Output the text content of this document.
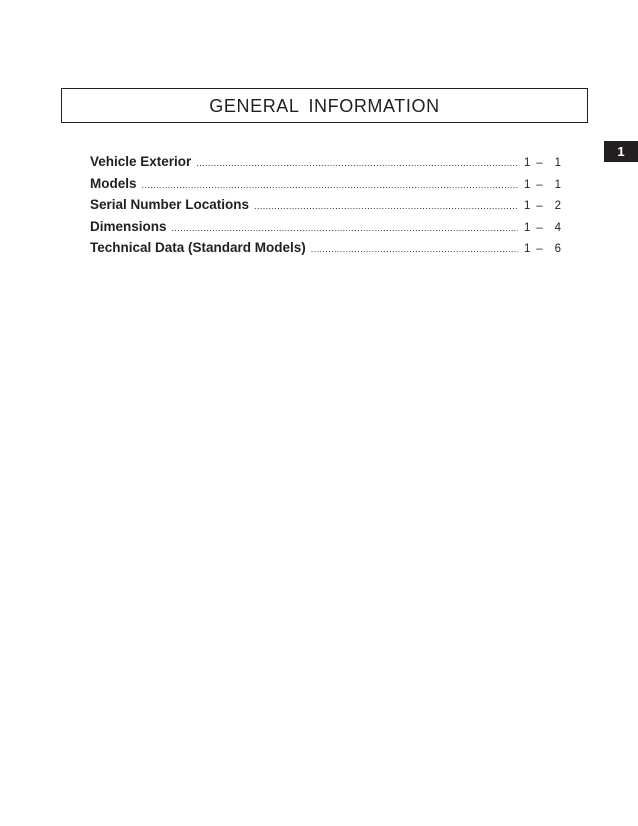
GENERAL INFORMATION
1
Vehicle Exterior .....	1 –	1
Models .....	1 –	1
Serial Number Locations .....	1 –	2
Dimensions .....	1 –	4
Technical Data (Standard Models) .....	1 –	6
